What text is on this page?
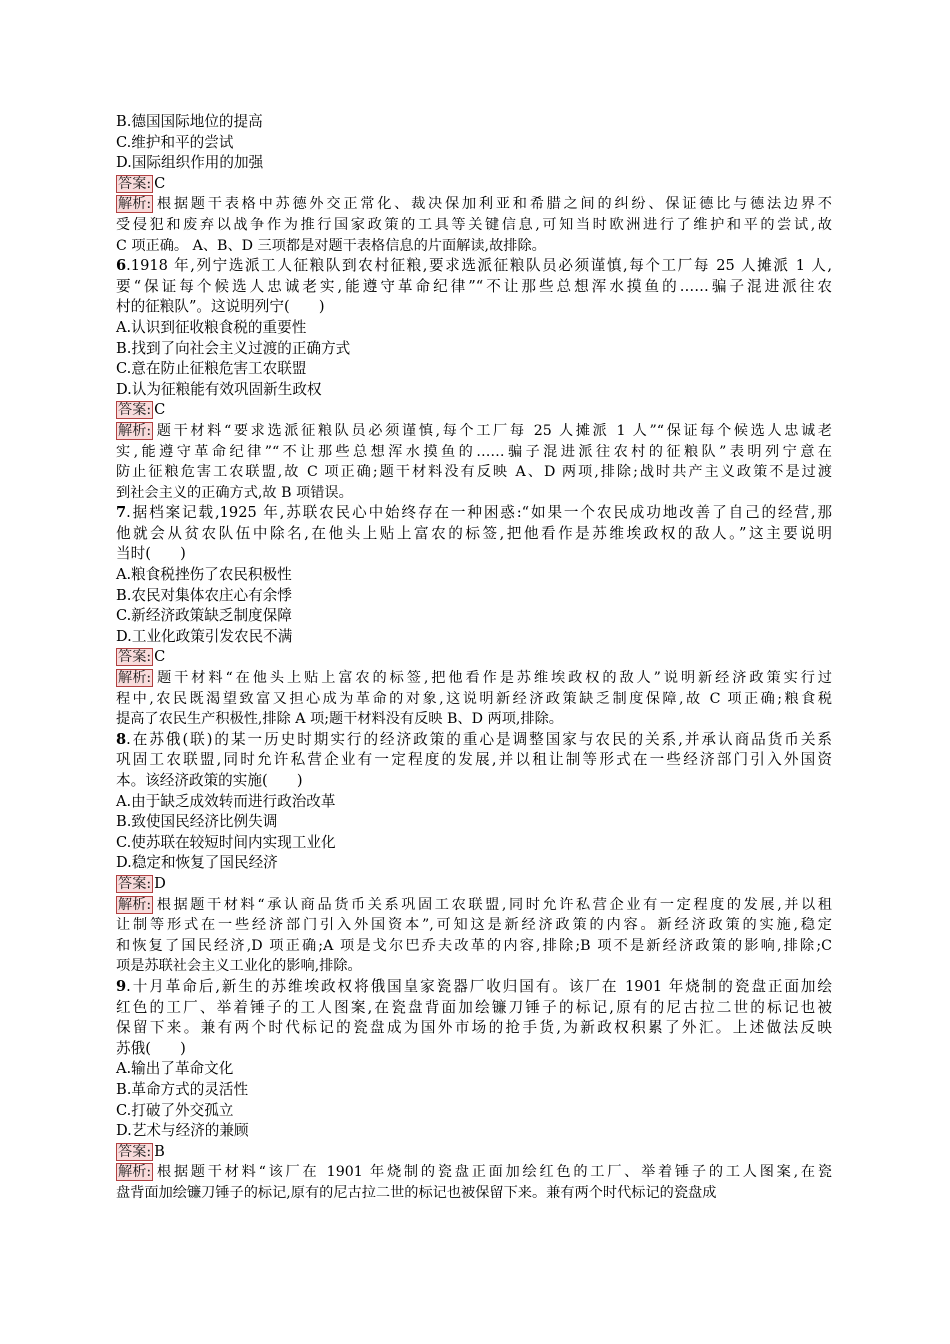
B.德国国际地位的提高
C.维护和平的尝试
D.国际组织作用的加强
答案: C
解析: 根据题干表格中苏德外交正常化、裁决保加利亚和希腊之间的纠纷、保证德比与德法边界不
受侵犯和废弃以战争作为推行国家政策的工具等关键信息,可知当时欧洲进行了维护和平的尝试,故
C 项正确。 A、B、D 三项都是对题干表格信息的片面解读,故排除。
6.1918 年,列宁选派工人征粮队到农村征粮,要求选派征粮队员必须谨慎,每个工厂每 25 人摊派 1 人,
要“保证每个候选人忠诚老实,能遵守革命纪律”“不让那些总想浑水摸鱼的……骗子混进派往农
村的征粮队”。这说明列宁(　　)
A.认识到征收粮食税的重要性
B.找到了向社会主义过渡的正确方式
C.意在防止征粮危害工农联盟
D.认为征粮能有效巩固新生政权
答案: C
解析: 题干材料“要求选派征粮队员必须谨慎,每个工厂每 25 人摊派 1 人”“保证每个候选人忠诚老
实,能遵守革命纪律”“不让那些总想浑水摸鱼的……骗子混进派往农村的征粮队”表明列宁意在
防止征粮危害工农联盟,故 C 项正确;题干材料没有反映 A、D 两项,排除;战时共产主义政策不是过渡
到社会主义的正确方式,故 B 项错误。
7.据档案记载,1925 年,苏联农民心中始终存在一种困惑:“如果一个农民成功地改善了自己的经营,那
他就会从贫农队伍中除名,在他头上贴上富农的标签,把他看作是苏维埃政权的敌人。”这主要说明
当时(　　)
A.粮食税挫伤了农民积极性
B.农民对集体农庄心有余悸
C.新经济政策缺乏制度保障
D.工业化政策引发农民不满
答案: C
解析: 题干材料“在他头上贴上富农的标签,把他看作是苏维埃政权的敌人”说明新经济政策实行过
程中,农民既渴望致富又担心成为革命的对象,这说明新经济政策缺乏制度保障,故 C 项正确;粮食税
提高了农民生产积极性,排除 A 项;题干材料没有反映 B、D 两项,排除。
8.在苏俄(联)的某一历史时期实行的经济政策的重心是调整国家与农民的关系,并承认商品货币关系
巩固工农联盟,同时允许私营企业有一定程度的发展,并以租让制等形式在一些经济部门引入外国资
本。该经济政策的实施(　　)
A.由于缺乏成效转而进行政治改革
B.致使国民经济比例失调
C.使苏联在较短时间内实现工业化
D.稳定和恢复了国民经济
答案: D
解析: 根据题干材料“承认商品货币关系巩固工农联盟,同时允许私营企业有一定程度的发展,并以租
让制等形式在一些经济部门引入外国资本”,可知这是新经济政策的内容。新经济政策的实施,稳定
和恢复了国民经济,D 项正确;A 项是戈尔巴乔夫改革的内容,排除;B 项不是新经济政策的影响,排除;C
项是苏联社会主义工业化的影响,排除。
9.十月革命后,新生的苏维埃政权将俄国皇家瓷器厂收归国有。该厂在 1901 年烧制的瓷盘正面加绘
红色的工厂、举着锤子的工人图案,在瓷盘背面加绘镰刀锤子的标记,原有的尼古拉二世的标记也被
保留下来。兼有两个时代标记的瓷盘成为国外市场的抢手货,为新政权积累了外汇。上述做法反映
苏俄(　　)
A.输出了革命文化
B.革命方式的灵活性
C.打破了外交孤立
D.艺术与经济的兼顾
答案: B
解析: 根据题干材料“该厂在 1901 年烧制的瓷盘正面加绘红色的工厂、举着锤子的工人图案,在瓷
盘背面加绘镰刀锤子的标记,原有的尼古拉二世的标记也被保留下来。兼有两个时代标记的瓷盘成
